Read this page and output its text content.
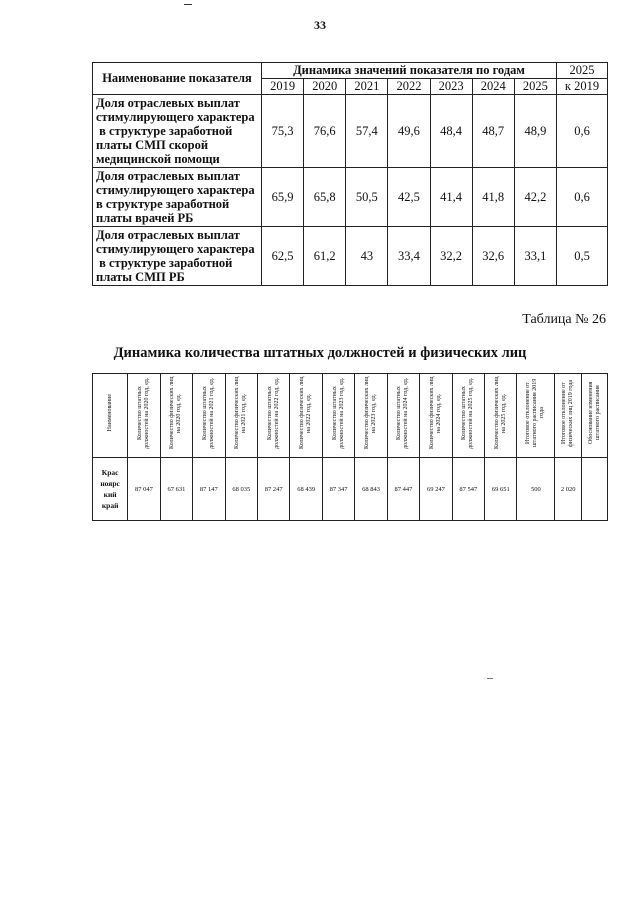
33
Наименование показателя	Динамика значений показателя по годам							2025
	2019	2020	2021	2022	2023	2024	2025	к 2019

Доля отраслевых выплат
стимулирующего характера
в структуре заработной
платы СМП скорой
медицинской помощи	75,3	76,6	57,4	49,6	48,4	48,7	48,9	0,6

Доля отраслевых выплат
стимулирующего характера
в структуре заработной
платы врачей РБ	65,9	65,8	50,5	42,5	41,4	41,8	42,2	0,6

Доля отраслевых выплат
стимулирующего характера
в структуре заработной
платы СМП РБ	62,5	61,2	43	33,4	32,2	32,6	33,1	0,5
Таблица № 26
Динамика количества штатных должностей и физических лиц
Наименование	Количество штатных должностей на 2020 год, ед.	Количество физических лиц на 2020 год, ед.	Количество штатных должностей на 2021 год, ед.	Количество физических лиц на 2021 год, ед.	Количество штатных должностей на 2022 год, ед.	Количество физических лиц на 2022 год, ед.	Количество штатных должностей на 2023 год, ед.	Количество физических лиц на 2023 год, ед.	Количество штатных должностей на 2024 год, ед.	Количество физических лиц на 2024 год, ед.	Количество штатных должностей на 2025 год, ед.	Количество физических лиц на 2025 год, ед.	Итоговое отклонение от штатного расписания 2019 года	Итоговое отклонение от физических лиц 2019 года	Обоснование изменения штатного расписания

Крас
ноярс
кий
край	87 047	67 631	87 147	68 035	87 247	68 439	87 347	68 843	87 447	69 247	87 547	69 651	500	2 020	
